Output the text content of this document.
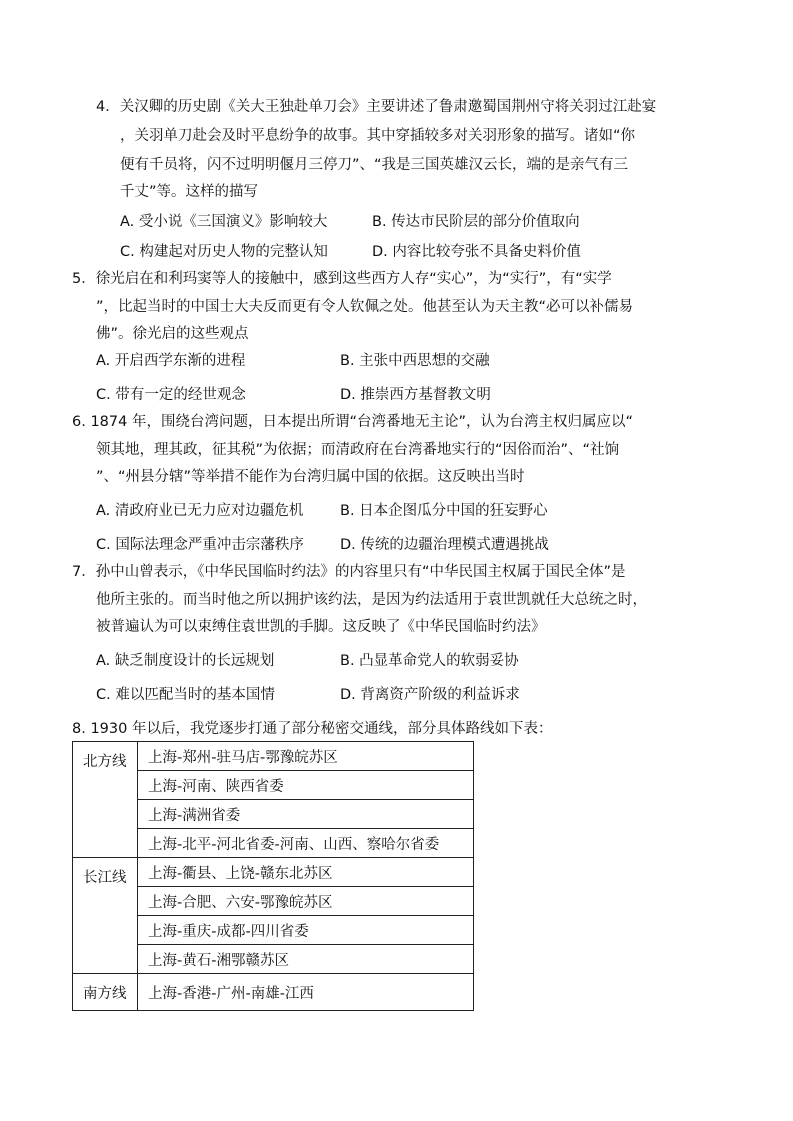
4．关汉卿的历史剧《关大王独赴单刀会》主要讲述了鲁肃邀蜀国荆州守将关羽过江赴宴
，关羽单刀赴会及时平息纷争的故事。其中穿插较多对关羽形象的描写。诸如“你
便有千员将，闪不过明明偃月三停刀”、“我是三国英雄汉云长，端的是亲气有三
千丈”等。这样的描写
A. 受小说《三国演义》影响较大	B. 传达市民阶层的部分价值取向
C. 构建起对历史人物的完整认知	D. 内容比较夸张不具备史料价值
5．徐光启在和利玛窦等人的接触中，感到这些西方人存“实心”，为“实行”，有“实学
”，比起当时的中国士大夫反而更有令人钦佩之处。他甚至认为天主教“必可以补儒易
佛”。徐光启的这些观点
A. 开启西学东渐的进程	B. 主张中西思想的交融
C. 带有一定的经世观念	D. 推崇西方基督教文明
6. 1874 年，围绕台湾问题，日本提出所谓“台湾番地无主论”，认为台湾主权归属应以“
领其地，理其政，征其税”为依据；而清政府在台湾番地实行的“因俗而治”、“社饷
”、“州县分辖”等举措不能作为台湾归属中国的依据。这反映出当时
A. 清政府业已无力应对边疆危机	B. 日本企图瓜分中国的狂妄野心
C. 国际法理念严重冲击宗藩秩序 D. 传统的边疆治理模式遭遇挑战
7．孙中山曾表示，《中华民国临时约法》的内容里只有“中华民国主权属于国民全体”是
他所主张的。而当时他之所以拥护该约法，是因为约法适用于袁世凯就任大总统之时，
被普遍认为可以束缚住袁世凯的手脚。这反映了《中华民国临时约法》
A. 缺乏制度设计的长远规划	B. 凸显革命党人的软弱妥协
C. 难以匹配当时的基本国情	D. 背离资产阶级的利益诉求
8. 1930 年以后，我党逐步打通了部分秘密交通线，部分具体路线如下表：
北方线	上海-郑州-驻马店-鄂豫皖苏区
	上海-河南、陕西省委
	上海-满洲省委
	上海-北平-河北省委-河南、山西、察哈尔省委
长江线	上海-衢县、上饶-赣东北苏区
	上海-合肥、六安-鄂豫皖苏区
	上海-重庆-成都-四川省委
	上海-黄石-湘鄂赣苏区
南方线	上海-香港-广州-南雄-江西
